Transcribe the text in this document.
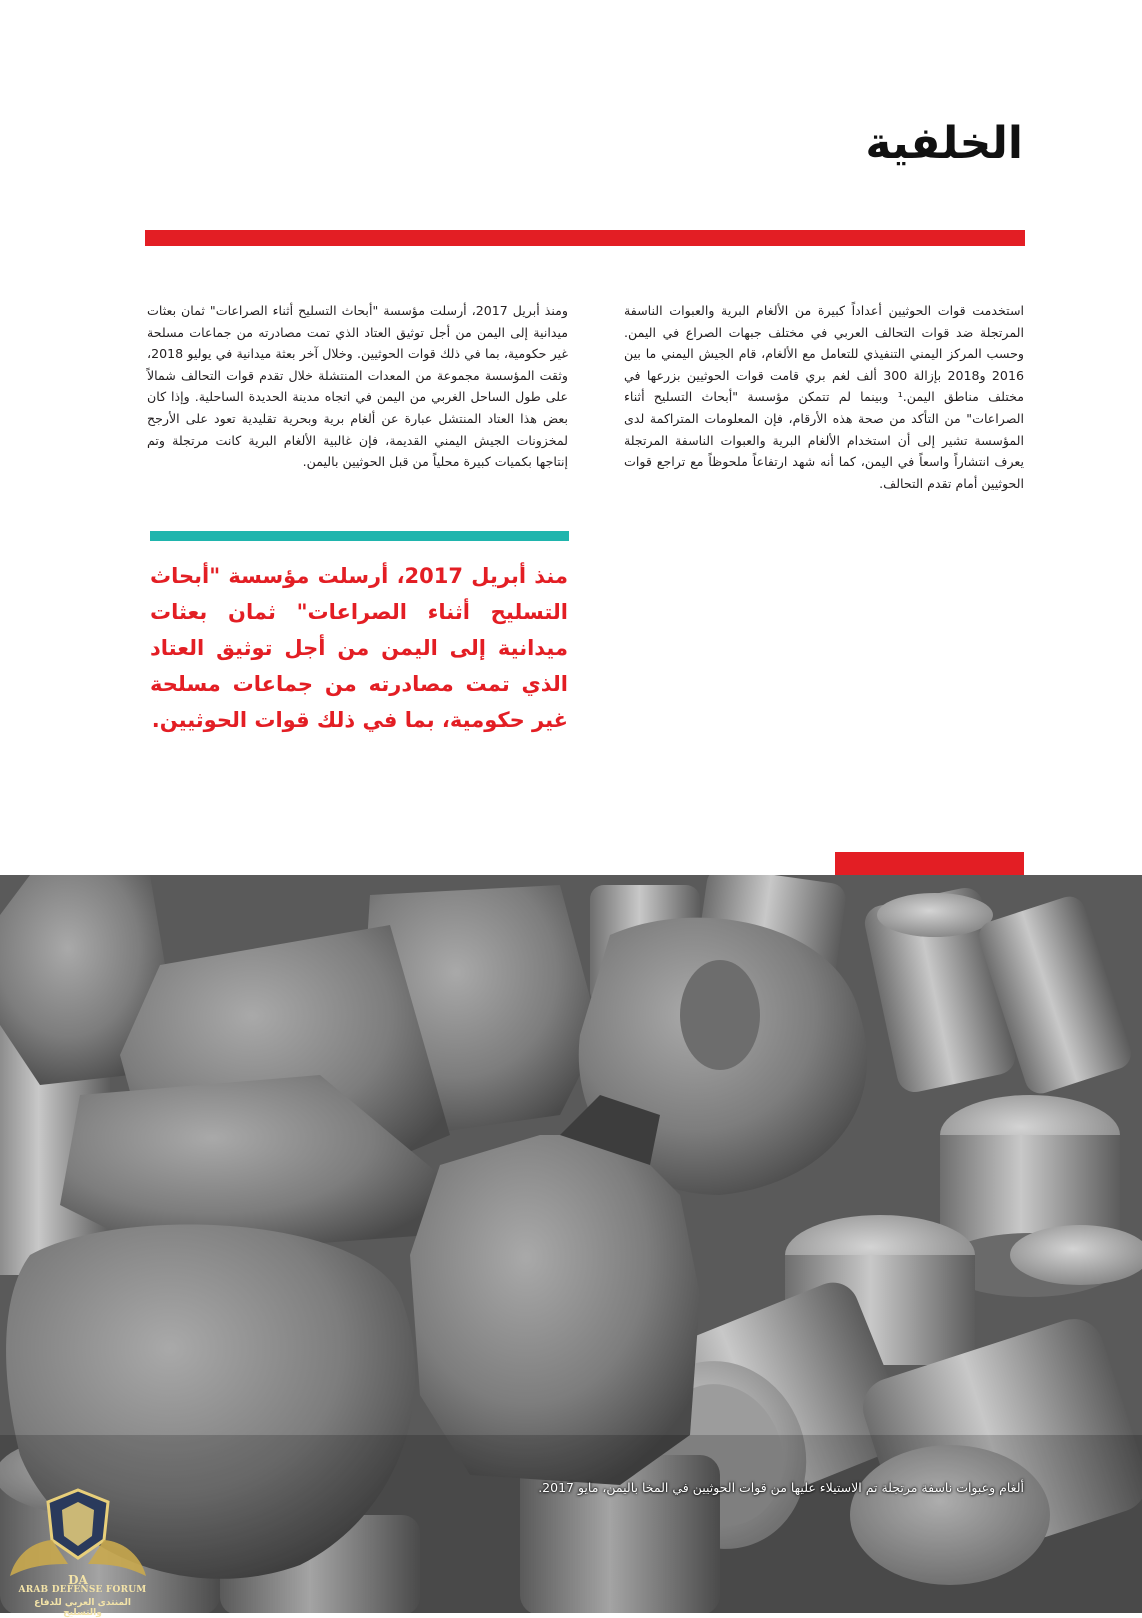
الخلفية

استخدمت قوات الحوثيين أعداداً كبيرة من الألغام البرية والعبوات الناسفة المرتجلة ضد قوات التحالف العربي في مختلف جبهات الصراع في اليمن. وحسب المركز اليمني التنفيذي للتعامل مع الألغام، قام الجيش اليمني ما بين 2016 و2018 بإزالة 300 ألف لغم بري قامت قوات الحوثيين بزرعها في مختلف مناطق اليمن.¹ وبينما لم تتمكن مؤسسة "أبحاث التسليح أثناء الصراعات" من التأكد من صحة هذه الأرقام، فإن المعلومات المتراكمة لدى المؤسسة تشير إلى أن استخدام الألغام البرية والعبوات الناسفة المرتجلة يعرف انتشاراً واسعاً في اليمن، كما أنه شهد ارتفاعاً ملحوظاً مع تراجع قوات الحوثيين أمام تقدم التحالف.

ومنذ أبريل 2017، أرسلت مؤسسة "أبحاث التسليح أثناء الصراعات" ثمان بعثات ميدانية إلى اليمن من أجل توثيق العتاد الذي تمت مصادرته من جماعات مسلحة غير حكومية، بما في ذلك قوات الحوثيين. وخلال آخر بعثة ميدانية في يوليو 2018، وثقت المؤسسة مجموعة من المعدات المنتشلة خلال تقدم قوات التحالف شمالاً على طول الساحل الغربي من اليمن في اتجاه مدينة الحديدة الساحلية. وإذا كان بعض هذا العتاد المنتشل عبارة عن ألغام برية وبحرية تقليدية تعود على الأرجح لمخزونات الجيش اليمني القديمة، فإن غالبية الألغام البرية كانت مرتجلة وتم إنتاجها بكميات كبيرة محلياً من قبل الحوثيين باليمن.

منذ أبريل 2017، أرسلت مؤسسة "أبحاث التسليح أثناء الصراعات" ثمان بعثات ميدانية إلى اليمن من أجل توثيق العتاد الذي تمت مصادرته من جماعات مسلحة غير حكومية، بما في ذلك قوات الحوثيين.

ألغام وعبوات ناسفة مرتجلة تم الاستيلاء عليها من قوات الحوثيين في المخا باليمن، مايو 2017.

DA
ARAB DEFENSE FORUM
المنتدى العربي للدفاع والتسليح
